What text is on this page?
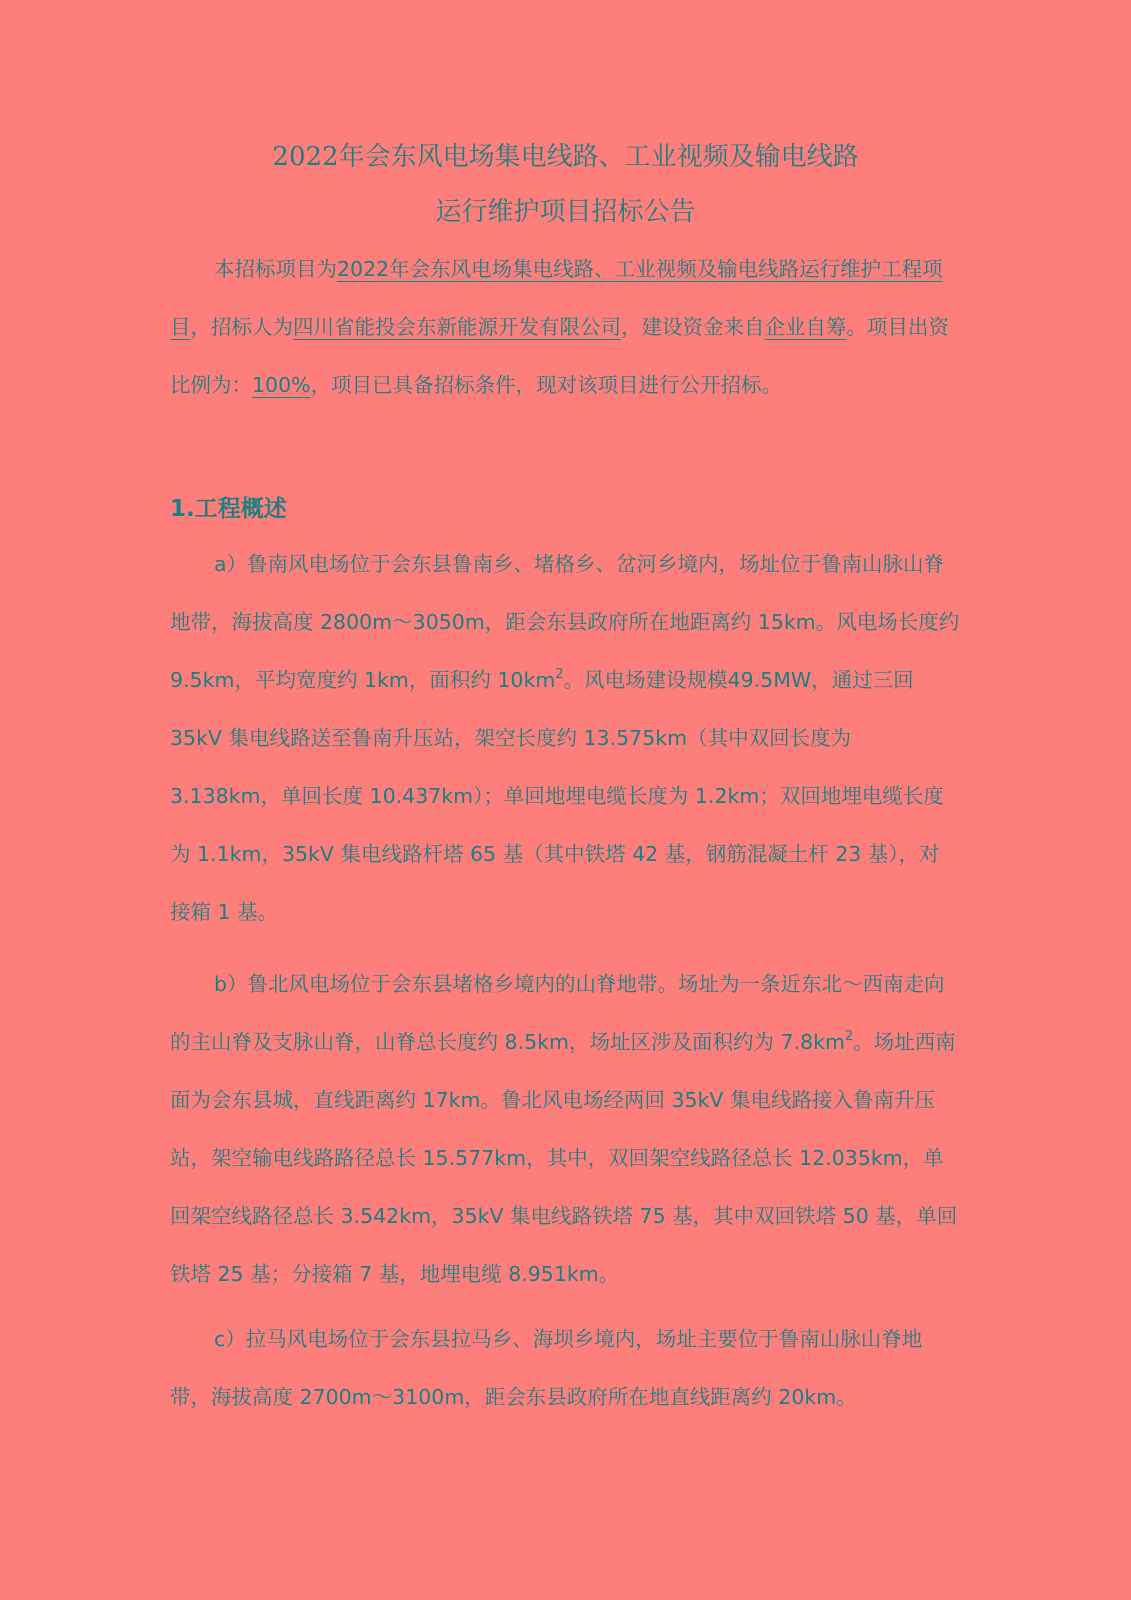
2022年会东风电场集电线路、工业视频及输电线路
运行维护项目招标公告
本招标项目为2022年会东风电场集电线路、工业视频及输电线路运行维护工程项目，招标人为四川省能投会东新能源开发有限公司，建设资金来自企业自筹。项目出资比例为：100%，项目已具备招标条件，现对该项目进行公开招标。
1.工程概述
a）鲁南风电场位于会东县鲁南乡、堵格乡、岔河乡境内，场址位于鲁南山脉山脊地带，海拔高度 2800m～3050m，距会东县政府所在地距离约 15km。风电场长度约 9.5km，平均宽度约 1km，面积约 $10km^2$。风电场建设规模49.5MW，通过三回 35kV 集电线路送至鲁南升压站，架空长度约 13.575km（其中双回长度为 3.138km，单回长度 10.437km）；单回地埋电缆长度为 1.2km；双回地埋电缆长度为 1.1km，35kV 集电线路杆塔 65 基（其中铁塔 42 基，钢筋混凝土杆 23 基），对接箱 1 基。
b）鲁北风电场位于会东县堵格乡境内的山脊地带。场址为一条近东北～西南走向的主山脊及支脉山脊，山脊总长度约 8.5km，场址区涉及面积约为 $7.8km^2$。场址西南面为会东县城，直线距离约 17km。鲁北风电场经两回 35kV 集电线路接入鲁南升压站，架空输电线路路径总长 15.577km，其中，双回架空线路径总长 12.035km，单回架空线路径总长 3.542km，35kV 集电线路铁塔 75 基，其中双回铁塔 50 基，单回铁塔 25 基；分接箱 7 基，地埋电缆 8.951km。
c）拉马风电场位于会东县拉马乡、海坝乡境内，场址主要位于鲁南山脉山脊地带，海拔高度 2700m～3100m，距会东县政府所在地直线距离约 20km。
